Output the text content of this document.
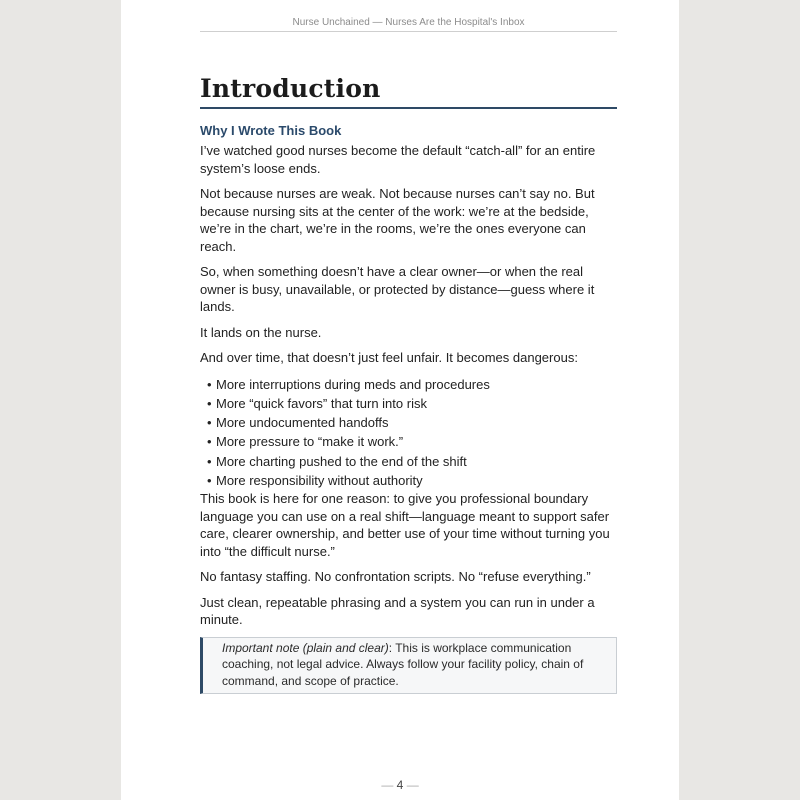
Nurse Unchained — Nurses Are the Hospital's Inbox
Introduction
Why I Wrote This Book

I’ve watched good nurses become the default “catch-all” for an entire system’s loose ends.

Not because nurses are weak. Not because nurses can’t say no. But because nursing sits at the center of the work: we’re at the bedside, we’re in the chart, we’re in the rooms, we’re the ones everyone can reach.

So, when something doesn’t have a clear owner—or when the real owner is busy, unavailable, or protected by distance—guess where it lands.

It lands on the nurse.

And over time, that doesn’t just feel unfair. It becomes dangerous:

• More interruptions during meds and procedures
• More “quick favors” that turn into risk
• More undocumented handoffs
• More pressure to “make it work.”
• More charting pushed to the end of the shift
• More responsibility without authority

This book is here for one reason: to give you professional boundary language you can use on a real shift—language meant to support safer care, clearer ownership, and better use of your time without turning you into “the difficult nurse.”

No fantasy staffing. No confrontation scripts. No “refuse everything.”

Just clean, repeatable phrasing and a system you can run in under a minute.

Important note (plain and clear): This is workplace communication coaching, not legal advice. Always follow your facility policy, chain of command, and scope of practice.
— 4 —
